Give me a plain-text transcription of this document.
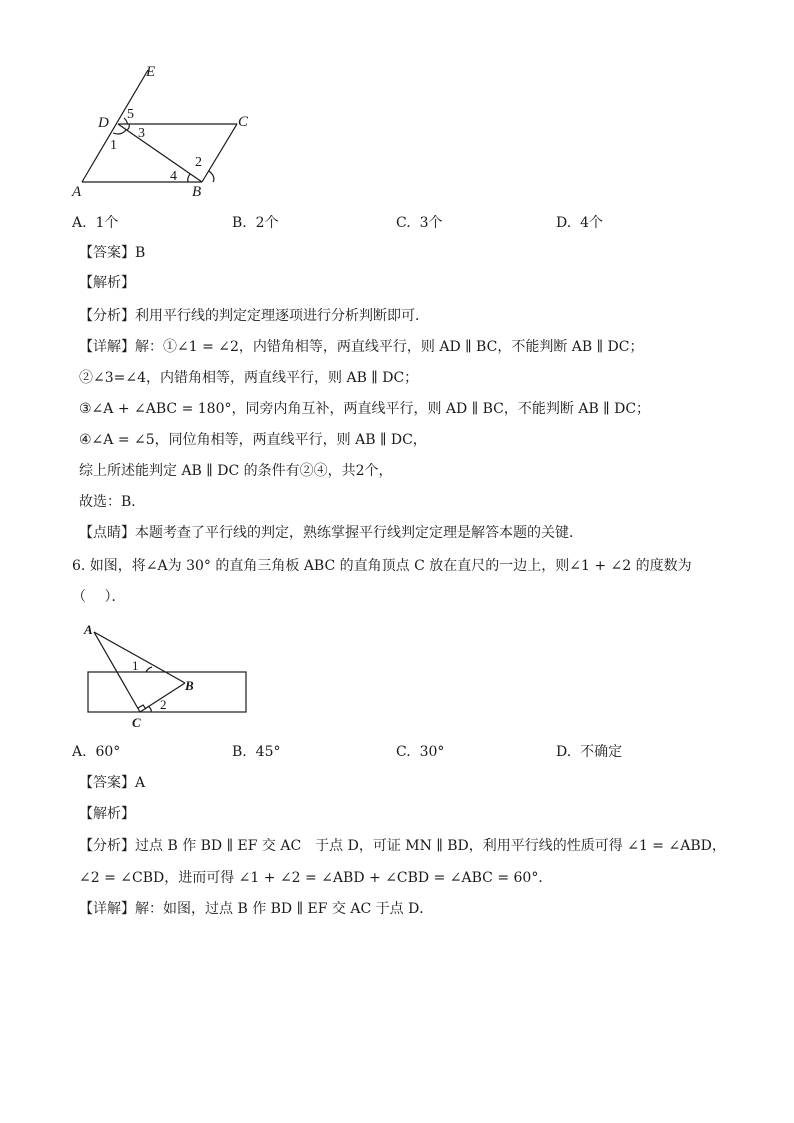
E
D	C
A	B
5
3
1
2
4
A. 1个	B. 2个	C. 3个	D. 4个
【答案】B
【解析】
【分析】利用平行线的判定定理逐项进行分析判断即可．
【详解】解：①∠1 = ∠2，内错角相等，两直线平行，则 AD ∥ BC，不能判断 AB ∥ DC；
②∠3=∠4，内错角相等，两直线平行，则 AB ∥ DC；
③∠A + ∠ABC = 180°，同旁内角互补，两直线平行，则 AD ∥ BC，不能判断 AB ∥ DC；
④∠A = ∠5，同位角相等，两直线平行，则 AB ∥ DC，
综上所述能判定 AB ∥ DC 的条件有②④，共2个，
故选：B．
【点睛】本题考查了平行线的判定，熟练掌握平行线判定定理是解答本题的关键．
6. 如图，将∠A为 30° 的直角三角板 ABC 的直角顶点 C 放在直尺的一边上，则∠1 + ∠2 的度数为
（　 ）．
A
B
C
1
2
A. 60°	B. 45°	C. 30°	D. 不确定
【答案】A
【解析】
【分析】过点 B 作 BD ∥ EF 交 AC　于点 D，可证 MN ∥ BD，利用平行线的性质可得 ∠1 = ∠ABD，
∠2 = ∠CBD，进而可得 ∠1 + ∠2 = ∠ABD + ∠CBD = ∠ABC = 60°．
【详解】解：如图，过点 B 作 BD ∥ EF 交 AC 于点 D．
